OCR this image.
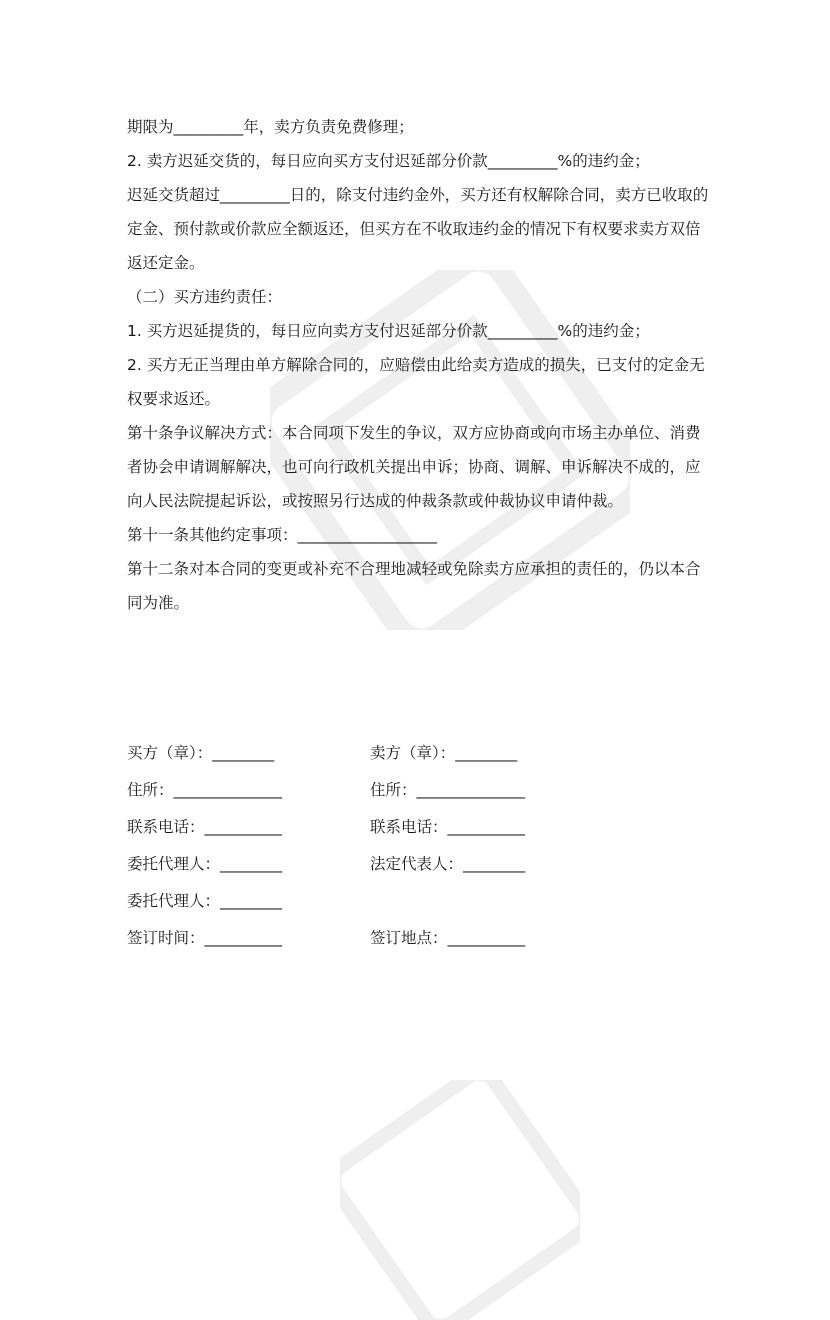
期限为_________年，卖方负责免费修理；

2. 卖方迟延交货的，每日应向买方支付迟延部分价款_________%的违约金；

迟延交货超过_________日的，除支付违约金外，买方还有权解除合同，卖方已收取的定金、预付款或价款应全额返还，但买方在不收取违约金的情况下有权要求卖方双倍返还定金。

（二）买方违约责任：

1. 买方迟延提货的，每日应向卖方支付迟延部分价款_________%的违约金；

2. 买方无正当理由单方解除合同的，应赔偿由此给卖方造成的损失，已支付的定金无权要求返还。

第十条争议解决方式：本合同项下发生的争议，双方应协商或向市场主办单位、消费者协会申请调解解决，也可向行政机关提出申诉；协商、调解、申诉解决不成的，应向人民法院提起诉讼，或按照另行达成的仲裁条款或仲裁协议申请仲裁。

第十一条其他约定事项：__________________

第十二条对本合同的变更或补充不合理地减轻或免除卖方应承担的责任的，仍以本合同为准。

买方（章）：________	卖方（章）：________
住所：______________	住所：______________
联系电话：__________	联系电话：__________
委托代理人：________	法定代表人：________
委托代理人：________
签订时间：__________	签订地点：__________
